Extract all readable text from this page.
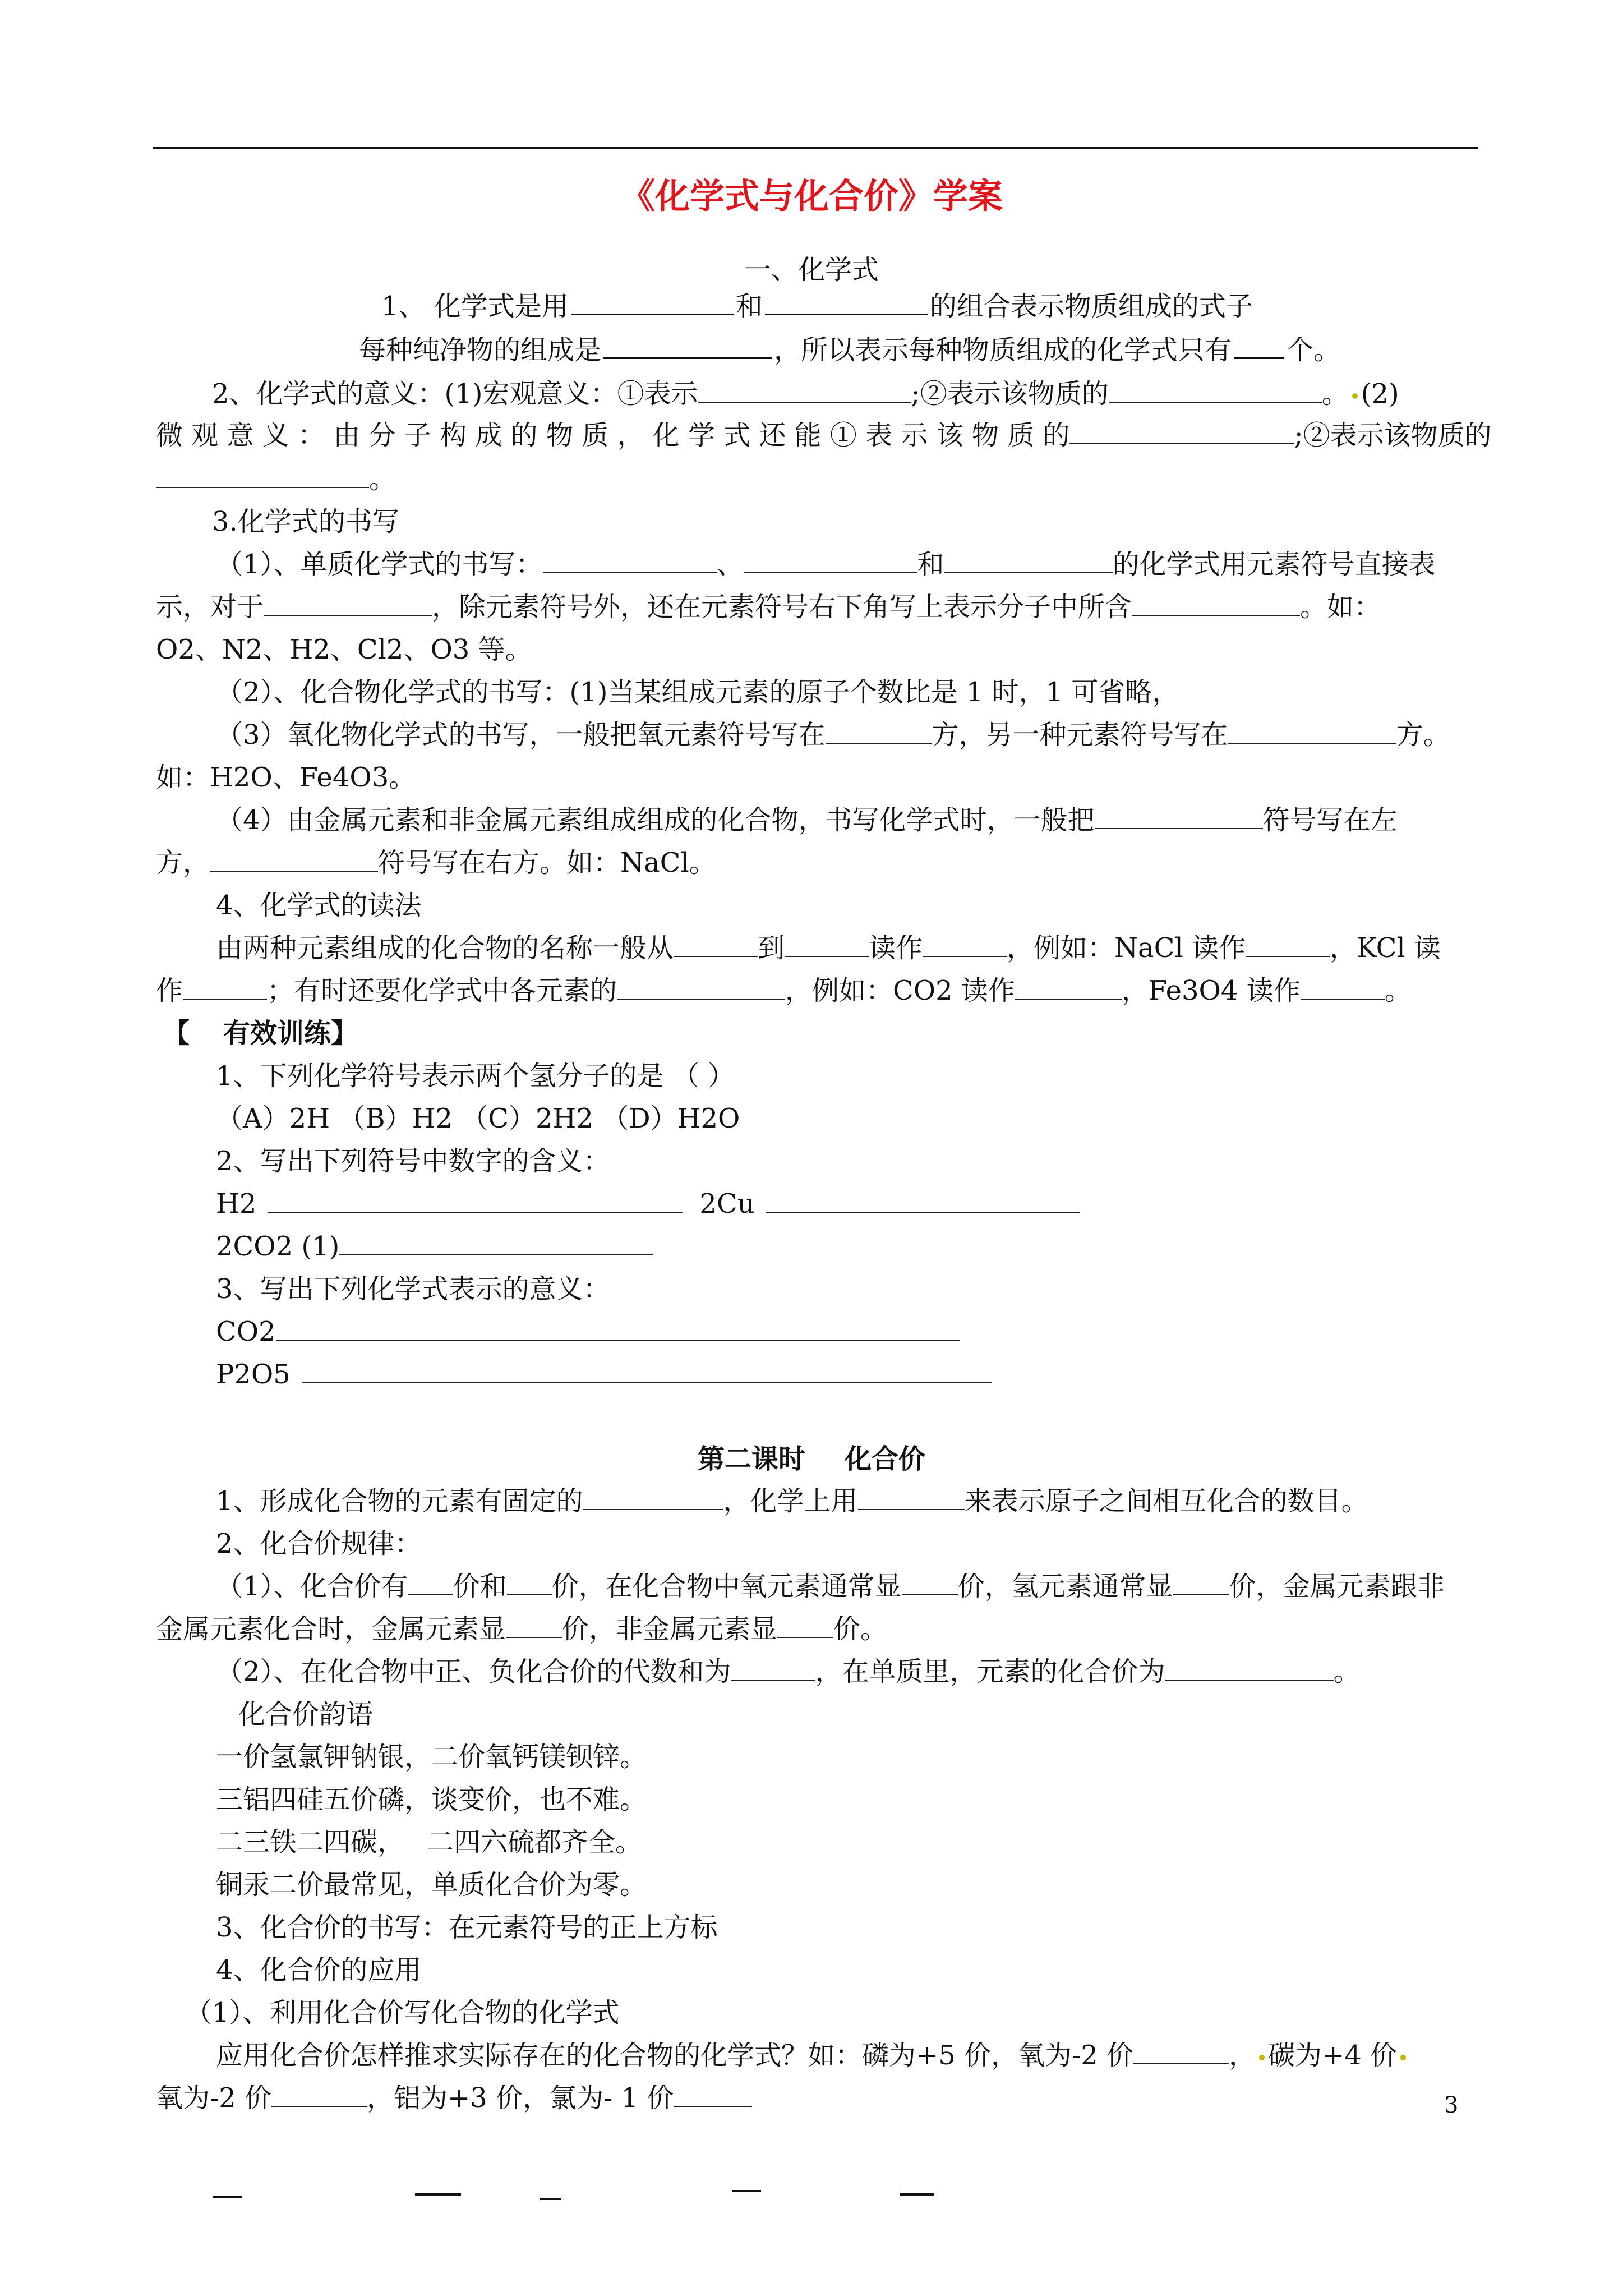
《化学式与化合价》学案
一、化学式
1、 化学式是用	和	的组合表示物质组成的式子
每种纯净物的组成是	，所以表示每种物质组成的化学式只有 个。
2、化学式的意义：(1)宏观意义：①表示	;②表示该物质的	。 (2)
微 观 意 义 ： 由 分 子 构 成 的 物 质 ， 化 学 式 还 能 ① 表 示 该 物 质 的	;②表示该物质的
。
3.化学式的书写
（1）、单质化学式的书写：	、	和	的化学式用元素符号直接表
示，对于	，除元素符号外，还在元素符号右下角写上表示分子中所含	。如：
O2、N2、H2、Cl2、O3 等。
（2）、化合物化学式的书写：(1)当某组成元素的原子个数比是 1 时，1 可省略，
（3）氧化物化学式的书写，一般把氧元素符号写在	方，另一种元素符号写在	方。
如：H2O、Fe4O3。
（4）由金属元素和非金属元素组成组成的化合物，书写化学式时，一般把	符号写在左
方，	符号写在右方。如：NaCl。
4、化学式的读法
由两种元素组成的化合物的名称一般从	到	读作	，例如：NaCl 读作	，KCl 读
作	；有时还要化学式中各元素的	，例如：CO2 读作	，Fe3O4 读作	。
【 有效训练】
1、下列化学符号表示两个氢分子的是 （ ）
（A）2H （B）H2 （C）2H2 （D）H2O
2、写出下列符号中数字的含义：
H2	2Cu
2CO2 (1)
3、写出下列化学式表示的意义：
CO2
P2O5
第二课时 化合价
1、形成化合物的元素有固定的	，化学上用	来表示原子之间相互化合的数目。
2、化合价规律：
（1）、化合价有 价和 价，在化合物中氧元素通常显 价，氢元素通常显 价，金属元素跟非
金属元素化合时，金属元素显 价，非金属元素显 价。
（2）、在化合物中正、负化合价的代数和为	，在单质里，元素的化合价为	。
化合价韵语
一价氢氯钾钠银，二价氧钙镁钡锌。
三铝四硅五价磷，谈变价，也不难。
二三铁二四碳， 二四六硫都齐全。
铜汞二价最常见，单质化合价为零。
3、化合价的书写：在元素符号的正上方标
4、化合价的应用
（1）、利用化合价写化合物的化学式
应用化合价怎样推求实际存在的化合物的化学式？如：磷为+5 价，氧为-2 价	， 碳为+4 价
氧为-2 价	，铝为+3 价，氯为- 1 价	3
